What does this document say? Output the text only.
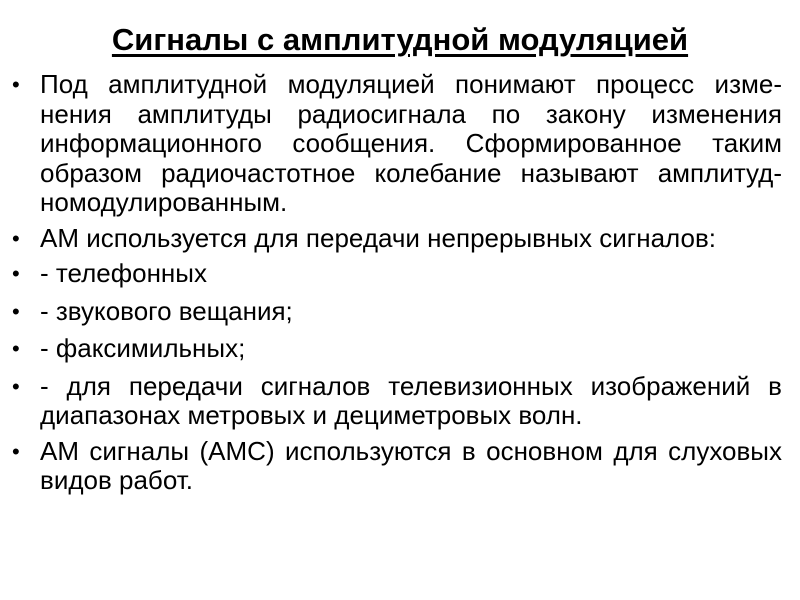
Сигналы с амплитудной модуляцией
• Под амплитудной модуляцией понимают процесс изме- нения амплитуды радиосигнала по закону изменения информационного сообщения. Сформированное таким образом радиочастотное колебание называют амплитуд- номодулированным.
• АМ используется для передачи непрерывных сигналов:
• - телефонных
• - звукового вещания;
• - факсимильных;
• - для передачи сигналов телевизионных изображений в диапазонах метровых и дециметровых волн.
• АМ сигналы (АМС) используются в основном для слуховых видов работ.
